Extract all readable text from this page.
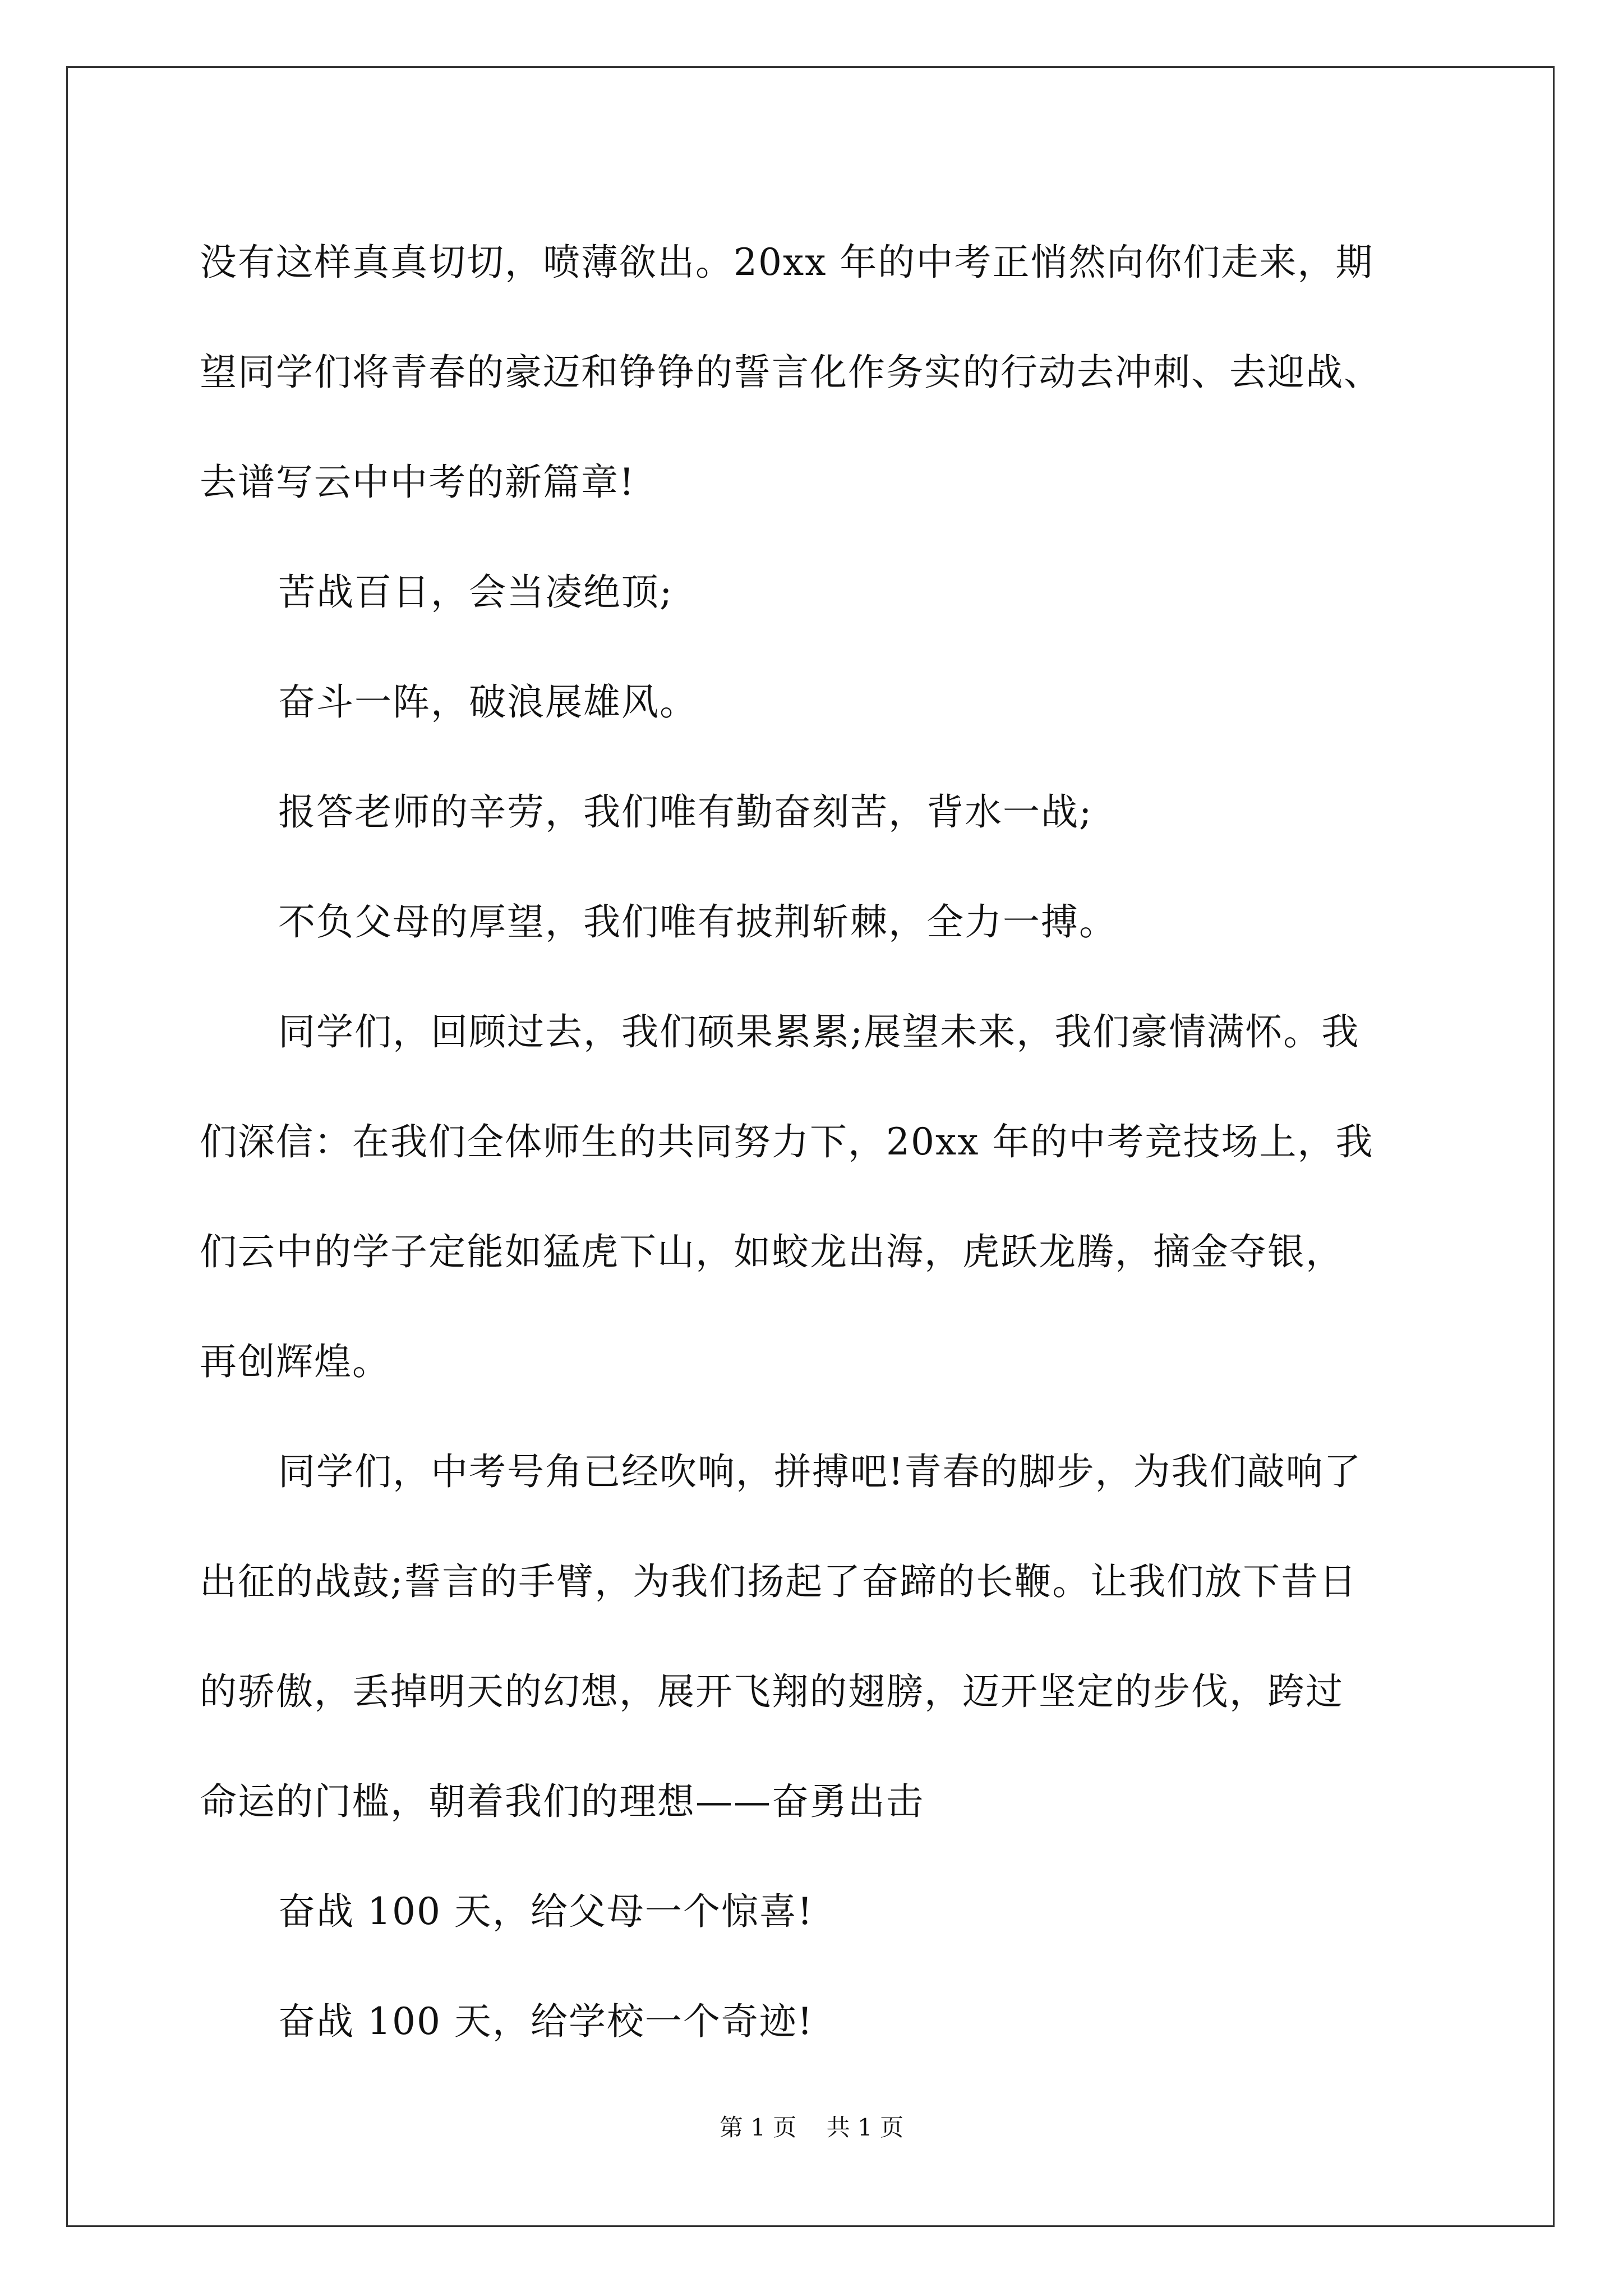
没有这样真真切切，喷薄欲出。20xx 年的中考正悄然向你们走来，期

望同学们将青春的豪迈和铮铮的誓言化作务实的行动去冲刺、去迎战、

去谱写云中中考的新篇章!

苦战百日，会当凌绝顶;

奋斗一阵，破浪展雄风。

报答老师的辛劳，我们唯有勤奋刻苦，背水一战;

不负父母的厚望，我们唯有披荆斩棘，全力一搏。

同学们，回顾过去，我们硕果累累;展望未来，我们豪情满怀。我

们深信：在我们全体师生的共同努力下，20xx 年的中考竞技场上，我

们云中的学子定能如猛虎下山，如蛟龙出海，虎跃龙腾，摘金夺银，

再创辉煌。

同学们，中考号角已经吹响，拼搏吧!青春的脚步，为我们敲响了

出征的战鼓;誓言的手臂，为我们扬起了奋蹄的长鞭。让我们放下昔日

的骄傲，丢掉明天的幻想，展开飞翔的翅膀，迈开坚定的步伐，跨过

命运的门槛，朝着我们的理想——奋勇出击

奋战 100 天，给父母一个惊喜!

奋战 100 天，给学校一个奇迹!

第 1 页    共 1 页
